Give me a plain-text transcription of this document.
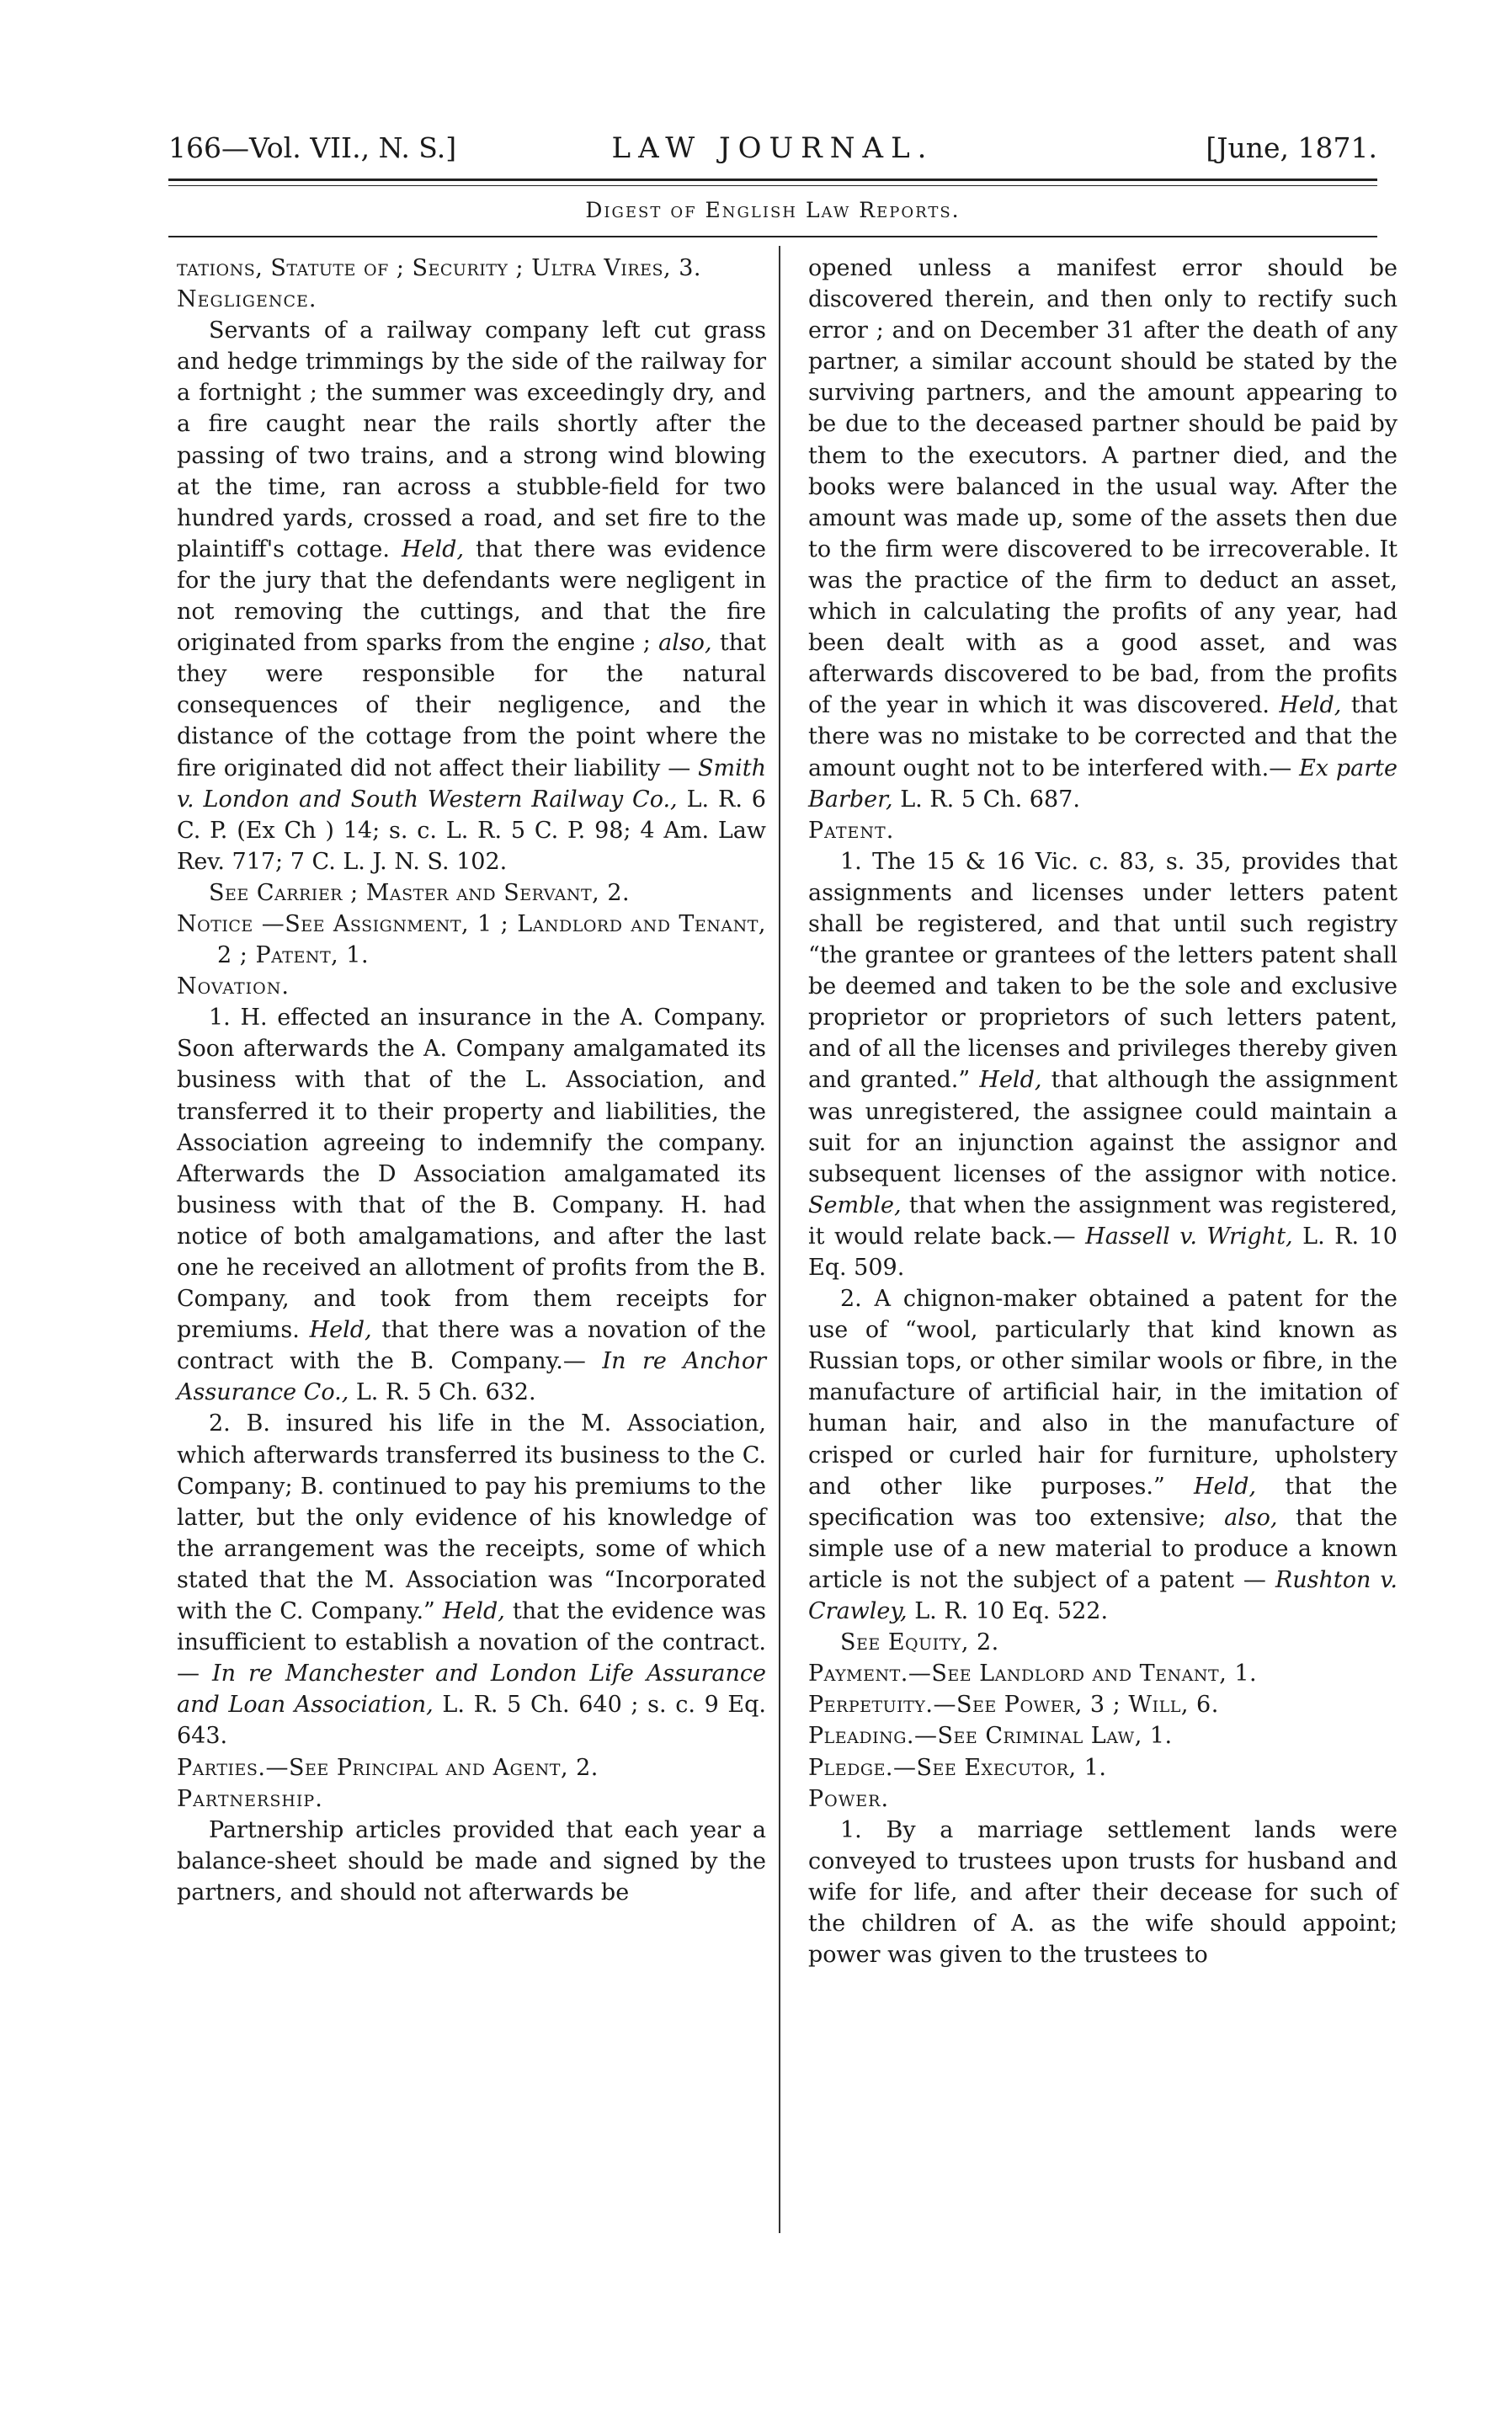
166—Vol. VII., N. S.]	LAW JOURNAL.	[June, 1871.
Digest of English Law Reports.

tations, Statute of ; Security ; Ultra Vires, 3.

Negligence.

Servants of a railway company left cut grass and hedge trimmings by the side of the railway for a fortnight ; the summer was exceedingly dry, and a fire caught near the rails shortly after the passing of two trains, and a strong wind blowing at the time, ran across a stubble-field for two hundred yards, crossed a road, and set fire to the plaintiff's cottage. Held, that there was evidence for the jury that the defendants were negligent in not removing the cuttings, and that the fire originated from sparks from the engine ; also, that they were responsible for the natural consequences of their negligence, and the distance of the cottage from the point where the fire originated did not affect their liability — Smith v. London and South Western Railway Co., L. R. 6 C. P. (Ex Ch ) 14; s. c. L. R. 5 C. P. 98; 4 Am. Law Rev. 717; 7 C. L. J. N. S. 102.

See Carrier ; Master and Servant, 2.

Notice —See Assignment, 1 ; Landlord and Tenant, 2 ; Patent, 1.

Novation.

1. H. effected an insurance in the A. Company. Soon afterwards the A. Company amalgamated its business with that of the L. Association, and transferred it to their property and liabilities, the Association agreeing to indemnify the company. Afterwards the D Association amalgamated its business with that of the B. Company. H. had notice of both amalgamations, and after the last one he received an allotment of profits from the B. Company, and took from them receipts for premiums. Held, that there was a novation of the contract with the B. Company.— In re Anchor Assurance Co., L. R. 5 Ch. 632.

2. B. insured his life in the M. Association, which afterwards transferred its business to the C. Company; B. continued to pay his premiums to the latter, but the only evidence of his knowledge of the arrangement was the receipts, some of which stated that the M. Association was “Incorporated with the C. Company.” Held, that the evidence was insufficient to establish a novation of the contract. — In re Manchester and London Life Assurance and Loan Association, L. R. 5 Ch. 640 ; s. c. 9 Eq. 643.

Parties.—See Principal and Agent, 2.

Partnership.

Partnership articles provided that each year a balance-sheet should be made and signed by the partners, and should not afterwards be

opened unless a manifest error should be discovered therein, and then only to rectify such error ; and on December 31 after the death of any partner, a similar account should be stated by the surviving partners, and the amount appearing to be due to the deceased partner should be paid by them to the executors. A partner died, and the books were balanced in the usual way. After the amount was made up, some of the assets then due to the firm were discovered to be irrecoverable. It was the practice of the firm to deduct an asset, which in calculating the profits of any year, had been dealt with as a good asset, and was afterwards discovered to be bad, from the profits of the year in which it was discovered. Held, that there was no mistake to be corrected and that the amount ought not to be interfered with.— Ex parte Barber, L. R. 5 Ch. 687.

Patent.

1. The 15 & 16 Vic. c. 83, s. 35, provides that assignments and licenses under letters patent shall be registered, and that until such registry “the grantee or grantees of the letters patent shall be deemed and taken to be the sole and exclusive proprietor or proprietors of such letters patent, and of all the licenses and privileges thereby given and granted.” Held, that although the assignment was unregistered, the assignee could maintain a suit for an injunction against the assignor and subsequent licenses of the assignor with notice. Semble, that when the assignment was registered, it would relate back.— Hassell v. Wright, L. R. 10 Eq. 509.

2. A chignon-maker obtained a patent for the use of “wool, particularly that kind known as Russian tops, or other similar wools or fibre, in the manufacture of artificial hair, in the imitation of human hair, and also in the manufacture of crisped or curled hair for furniture, upholstery and other like purposes.” Held, that the specification was too extensive; also, that the simple use of a new material to produce a known article is not the subject of a patent — Rushton v. Crawley, L. R. 10 Eq. 522.

See Equity, 2.

Payment.—See Landlord and Tenant, 1.

Perpetuity.—See Power, 3 ; Will, 6.

Pleading.—See Criminal Law, 1.

Pledge.—See Executor, 1.

Power.

1. By a marriage settlement lands were conveyed to trustees upon trusts for husband and wife for life, and after their decease for such of the children of A. as the wife should appoint; power was given to the trustees to
